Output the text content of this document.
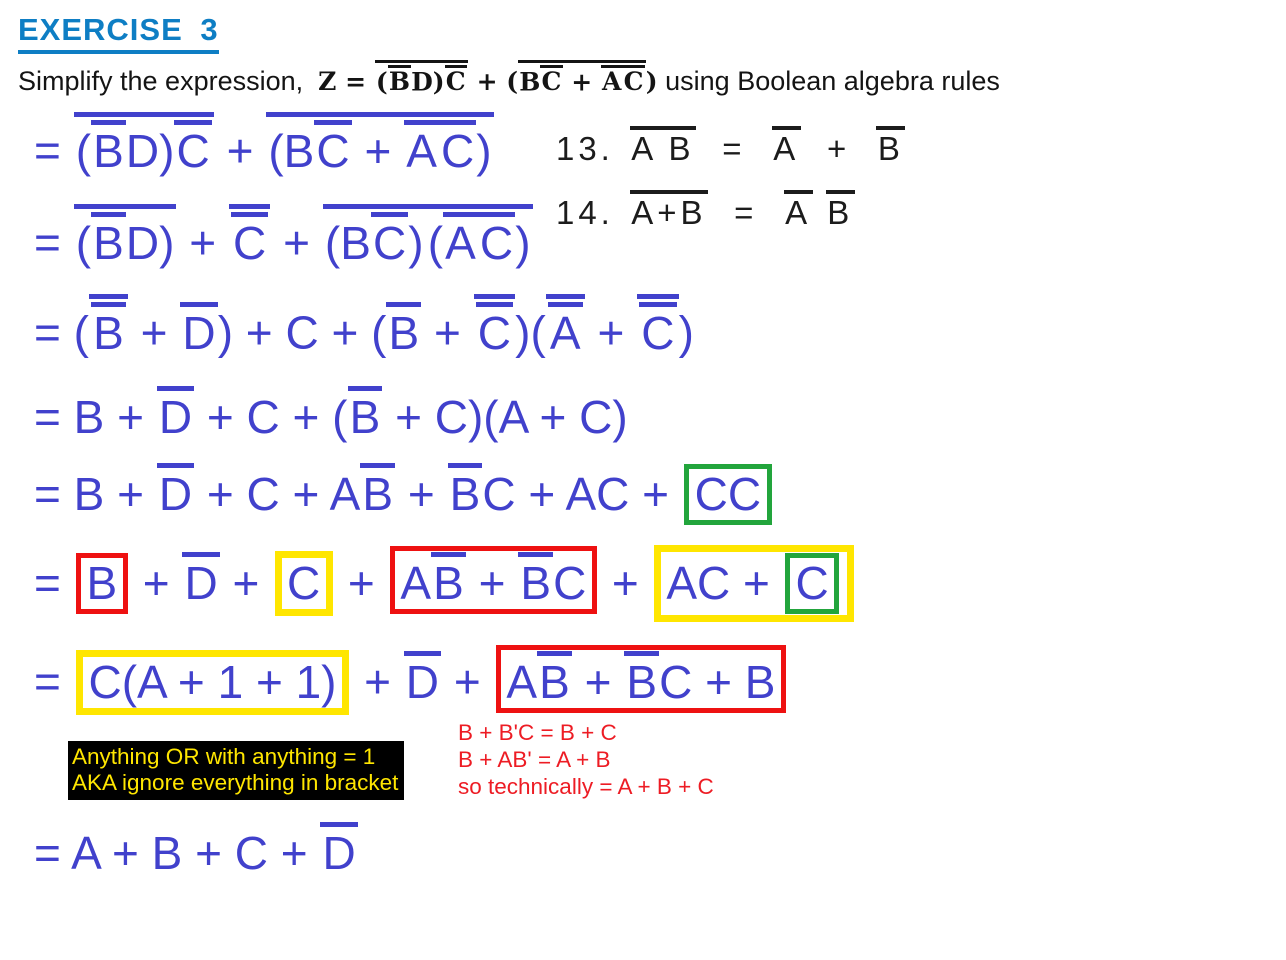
EXERCISE 3
Simplify the expression,  Z = (BD)C + (BC + AC) using Boolean algebra rules
13. A B  =  A  +  B
14. A+B  =  A B
= (BD)C + (BC + AC)
= (BD) + C + (BC)(AC)
= (B + D) + C + (B + C)(A + C)
= B + D + C + (B + C)(A + C)
= B + D + C + AB + BC + AC + CC
= B + D + C + AB + BC + AC + C
= C(A + 1 + 1) + D + AB + BC + B
= A + B + C + D
Anything OR with anything = 1
AKA ignore everything in bracket
B + B'C = B + C
B + AB' = A + B
so technically = A + B + C
